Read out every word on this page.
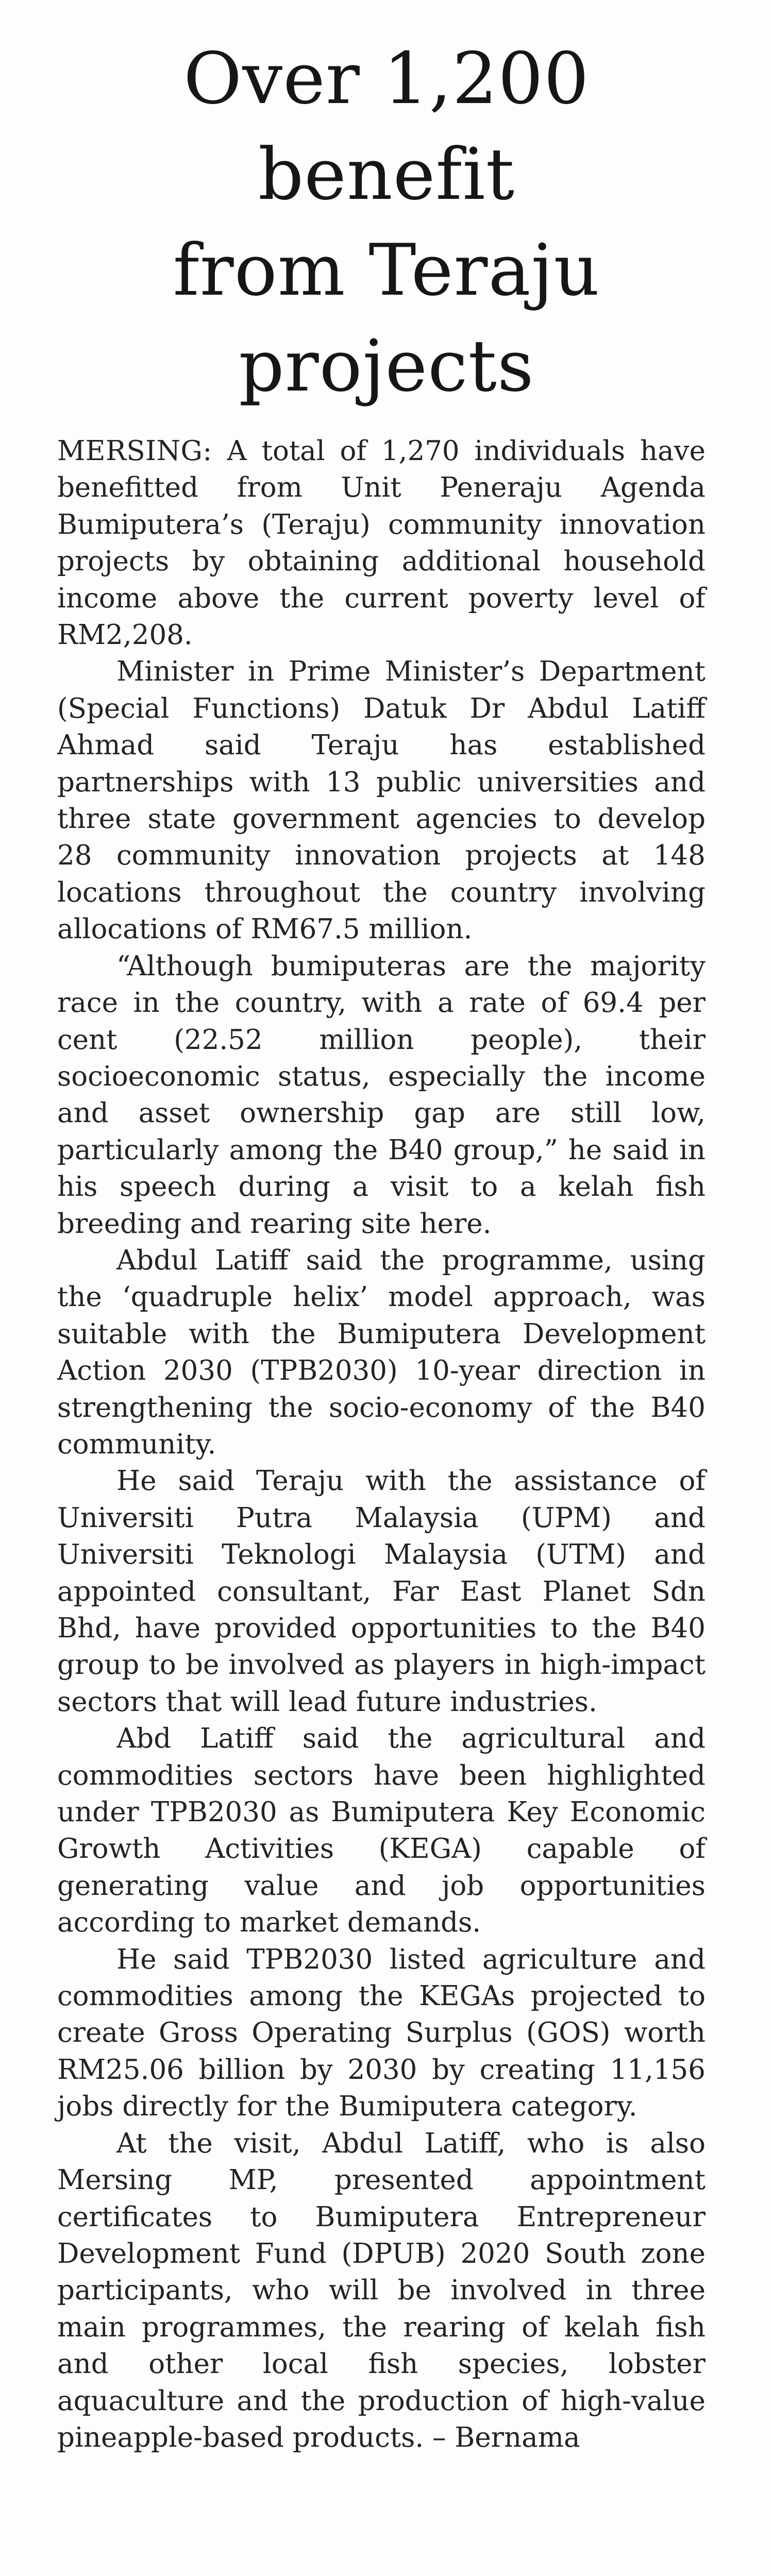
Over 1,200
benefit
from Teraju
projects

MERSING: A total of 1,270 individuals have benefitted from Unit Peneraju Agenda Bumiputera’s (Teraju) community innovation projects by obtaining additional household income above the current poverty level of RM2,208.

Minister in Prime Minister’s Department (Special Functions) Datuk Dr Abdul Latiff Ahmad said Teraju has established partnerships with 13 public universities and three state government agencies to develop 28 community innovation projects at 148 locations throughout the country involving allocations of RM67.5 million.

“Although bumiputeras are the majority race in the country, with a rate of 69.4 per cent (22.52 million people), their socioeconomic status, especially the income and asset ownership gap are still low, particularly among the B40 group,” he said in his speech during a visit to a kelah fish breeding and rearing site here.

Abdul Latiff said the programme, using the ‘quadruple helix’ model approach, was suitable with the Bumiputera Development Action 2030 (TPB2030) 10-year direction in strengthening the socio-economy of the B40 community.

He said Teraju with the assistance of Universiti Putra Malaysia (UPM) and Universiti Teknologi Malaysia (UTM) and appointed consultant, Far East Planet Sdn Bhd, have provided opportunities to the B40 group to be involved as players in high-impact sectors that will lead future industries.

Abd Latiff said the agricultural and commodities sectors have been highlighted under TPB2030 as Bumiputera Key Economic Growth Activities (KEGA) capable of generating value and job opportunities according to market demands.

He said TPB2030 listed agriculture and commodities among the KEGAs projected to create Gross Operating Surplus (GOS) worth RM25.06 billion by 2030 by creating 11,156 jobs directly for the Bumiputera category.

At the visit, Abdul Latiff, who is also Mersing MP, presented appointment certificates to Bumiputera Entrepreneur Development Fund (DPUB) 2020 South zone participants, who will be involved in three main programmes, the rearing of kelah fish and other local fish species, lobster aquaculture and the production of high-value pineapple-based products. – Bernama
